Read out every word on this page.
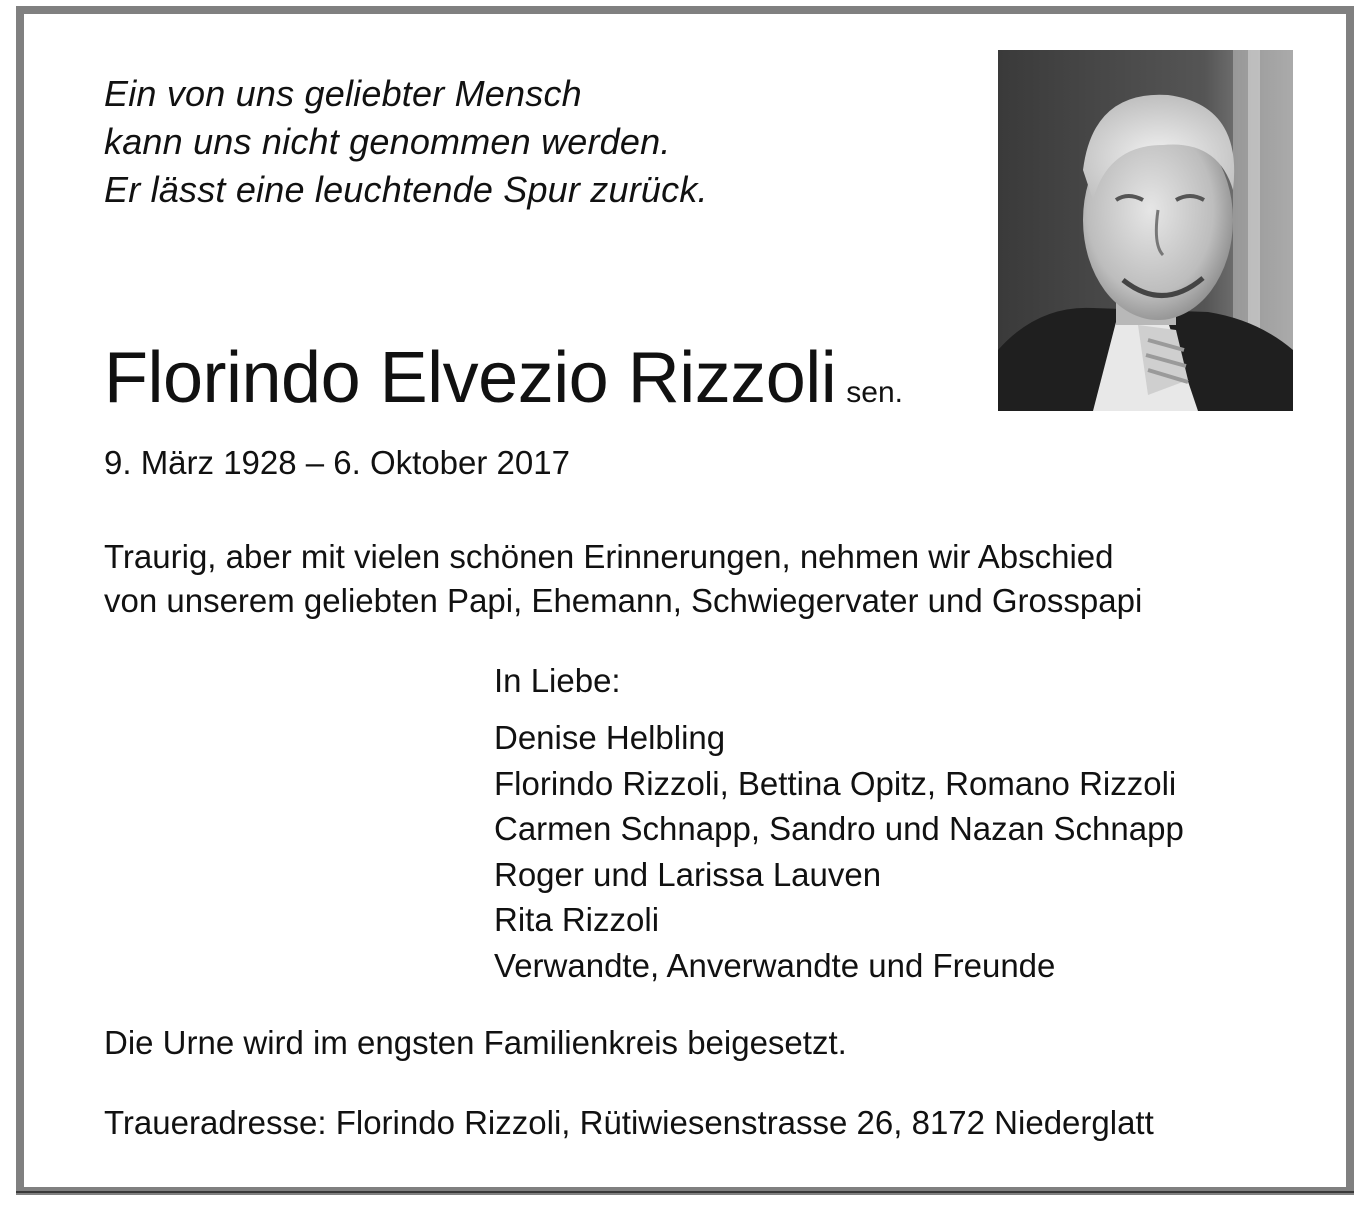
Ein von uns geliebter Mensch
kann uns nicht genommen werden.
Er lässt eine leuchtende Spur zurück.
Florindo Elvezio Rizzoli sen.
9. März 1928 – 6. Oktober 2017
Traurig, aber mit vielen schönen Erinnerungen, nehmen wir Abschied
von unserem geliebten Papi, Ehemann, Schwiegervater und Grosspapi
In Liebe:
Denise Helbling
Florindo Rizzoli, Bettina Opitz, Romano Rizzoli
Carmen Schnapp, Sandro und Nazan Schnapp
Roger und Larissa Lauven
Rita Rizzoli
Verwandte, Anverwandte und Freunde
Die Urne wird im engsten Familienkreis beigesetzt.
Traueradresse: Florindo Rizzoli, Rütiwiesenstrasse 26, 8172 Niederglatt
